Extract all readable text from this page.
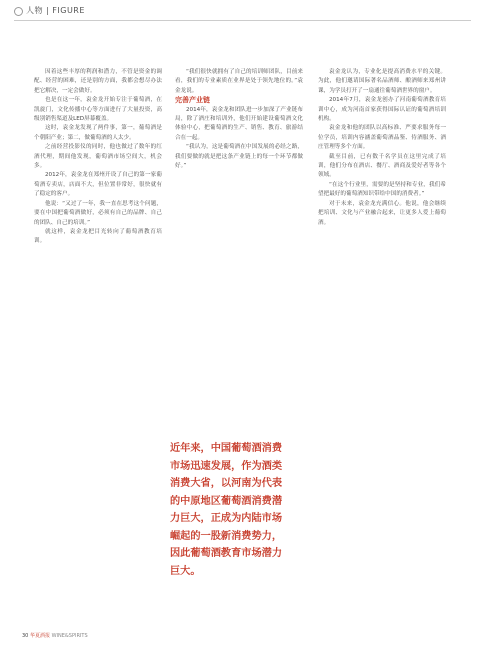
人物 | FIGURE

因着这些丰厚的利润和潜力，不管是资金的调配、经营的困难，还是别的方面，我都会想尽办法把它解决，一定会做好。

也是在这一年，袁金龙开始专注于葡萄酒，在凯旋门，文化传播中心等方面进行了大量投资，高级别销售渠道及LED屏幕覆盖。

这时，袁金龙发现了两件事，第一，葡萄酒是个朝阳产业；第二，做葡萄酒的人太少。

之前经营投影仪的同时，他也做过了数年的红酒代理，期间他发现，葡萄酒市场空间大，机会多。

2012年，袁金龙在郑州开设了自己的第一家葡萄酒专卖店，店面不大，但位置非常好，很快就有了稳定的客户。

他说：“又过了一年，我一直在思考这个问题，要在中国把葡萄酒做好，必须有自己的品牌、自己的团队、自己的培训。”

就这样，袁金龙把目光转向了葡萄酒教育培训。

“我们很快就拥有了自己的培训师团队，目前来看，我们的专业素质在业界是处于领先地位的。”袁金龙说。

完善产业链

2014年，袁金龙和团队进一步加深了产业链布局，除了酒庄和培训外，他们开始建设葡萄酒文化体验中心，把葡萄酒的生产、销售、教育、旅游结合在一起。

“我认为，这是葡萄酒在中国发展的必经之路，我们要做的就是把这条产业链上的每一个环节都做好。”

近年来，中国葡萄酒消费
市场迅速发展，作为酒类
消费大省，以河南为代表
的中原地区葡萄酒消费潜
力巨大，正成为内陆市场
崛起的一股新消费势力，
因此葡萄酒教育市场潜力
巨大。

袁金龙认为，专业化是提高消费水平的关键。为此，他们邀请国际著名品酒师、酿酒师来郑州讲课，为学员打开了一扇通往葡萄酒世界的窗户。

2014年7月，袁金龙创办了河南葡萄酒教育培训中心，成为河南首家获得国际认证的葡萄酒培训机构。

袁金龙和他的团队以高标准、严要求服务每一位学员，培训内容涵盖葡萄酒品鉴、侍酒服务、酒庄管理等多个方面。

截至目前，已有数千名学员在这里完成了培训，他们分布在酒店、餐厅、酒商及爱好者等各个领域。

“在这个行业里，需要的是坚持和专业，我们希望把最好的葡萄酒知识带给中国的消费者。”

对于未来，袁金龙充满信心。他说，他会继续把培训、文化与产业融合起来，让更多人爱上葡萄酒。

30 华夏酒报 WINE&SPIRITS
